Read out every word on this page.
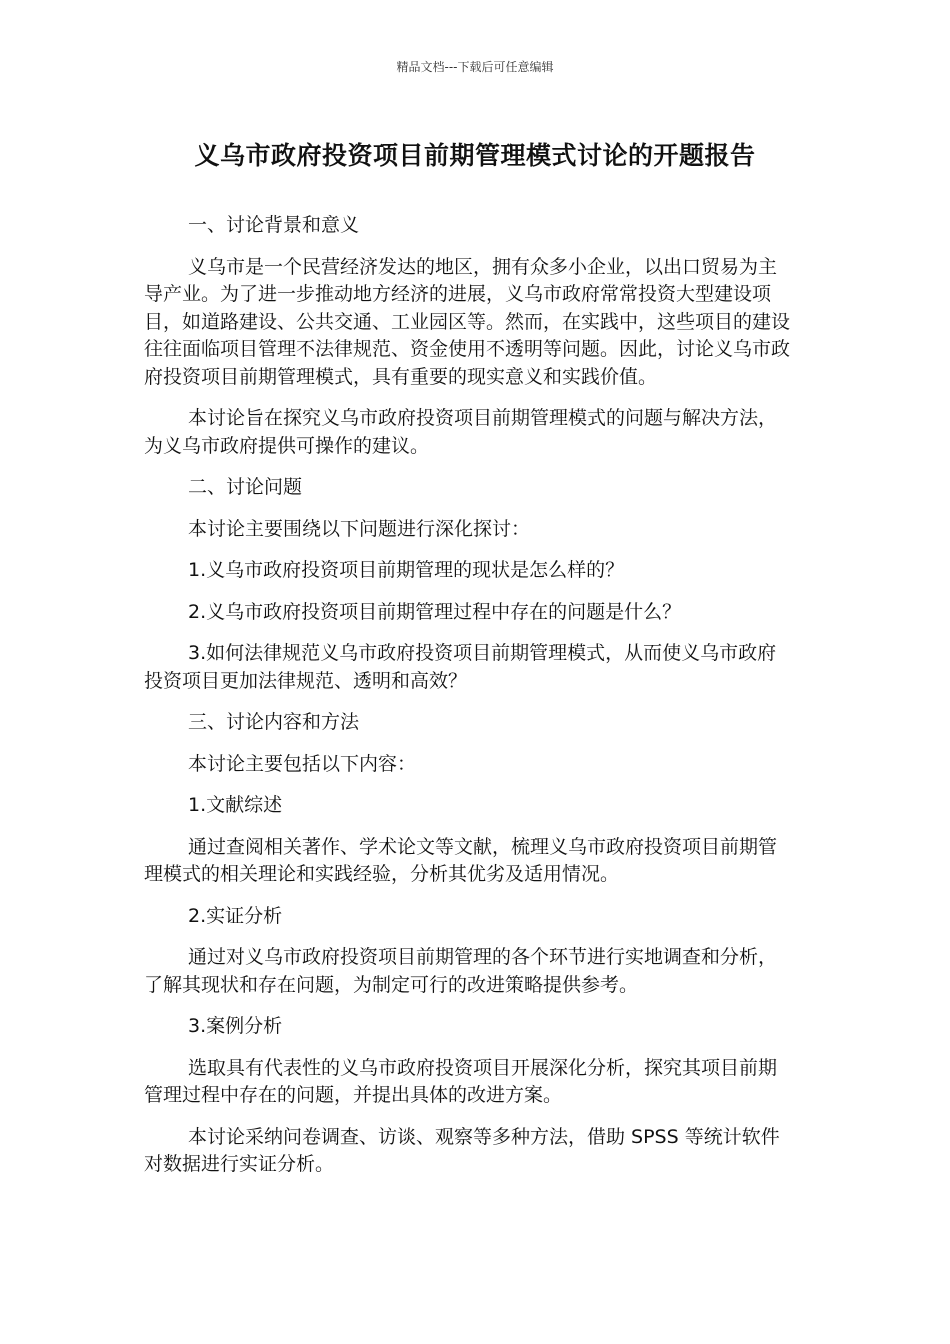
精品文档---下载后可任意编辑
义乌市政府投资项目前期管理模式讨论的开题报告

一、讨论背景和意义

义乌市是一个民营经济发达的地区，拥有众多小企业，以出口贸易为主导产业。为了进一步推动地方经济的进展，义乌市政府常常投资大型建设项目，如道路建设、公共交通、工业园区等。然而，在实践中，这些项目的建设往往面临项目管理不法律规范、资金使用不透明等问题。因此，讨论义乌市政府投资项目前期管理模式，具有重要的现实意义和实践价值。

本讨论旨在探究义乌市政府投资项目前期管理模式的问题与解决方法，为义乌市政府提供可操作的建议。

二、讨论问题

本讨论主要围绕以下问题进行深化探讨：

1.义乌市政府投资项目前期管理的现状是怎么样的？

2.义乌市政府投资项目前期管理过程中存在的问题是什么？

3.如何法律规范义乌市政府投资项目前期管理模式，从而使义乌市政府投资项目更加法律规范、透明和高效？

三、讨论内容和方法

本讨论主要包括以下内容：

1.文献综述

通过查阅相关著作、学术论文等文献，梳理义乌市政府投资项目前期管理模式的相关理论和实践经验，分析其优劣及适用情况。

2.实证分析

通过对义乌市政府投资项目前期管理的各个环节进行实地调查和分析，了解其现状和存在问题，为制定可行的改进策略提供参考。

3.案例分析

选取具有代表性的义乌市政府投资项目开展深化分析，探究其项目前期管理过程中存在的问题，并提出具体的改进方案。

本讨论采纳问卷调查、访谈、观察等多种方法，借助 SPSS 等统计软件对数据进行实证分析。
